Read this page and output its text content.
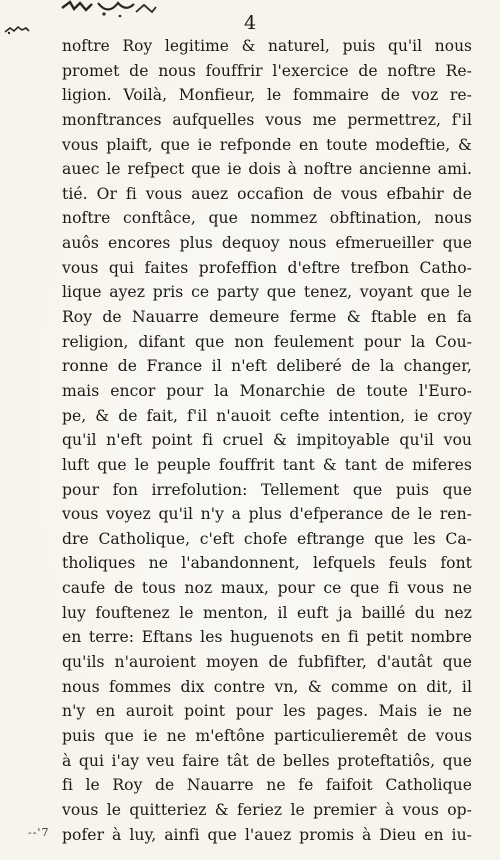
4
noftre Roy legitime & naturel, puis qu'il nous
promet de nous fouffrir l'exercice de noftre Re-
ligion. Voilà, Monfieur, le fommaire de voz re-
monftrances aufquelles vous me permettrez, f'il
vous plaift, que ie refponde en toute modeftie, &
auec le refpect que ie dois à noftre ancienne ami.
tié. Or fi vous auez occafion de vous efbahir de
noftre conftâce, que nommez obftination, nous
auôs encores plus dequoy nous efmerueiller que
vous qui faites profeffion d'eftre trefbon Catho-
lique ayez pris ce party que tenez, voyant que le
Roy de Nauarre demeure ferme & ftable en fa
religion, difant que non feulement pour la Cou-
ronne de France il n'eft deliberé de la changer,
mais encor pour la Monarchie de toute l'Euro-
pe, & de fait, f'il n'auoit cefte intention, ie croy
qu'il n'eft point fi cruel & impitoyable qu'il vou
luft que le peuple fouffrit tant & tant de miferes
pour fon irrefolution: Tellement que puis que
vous voyez qu'il n'y a plus d'efperance de le ren-
dre Catholique, c'eft chofe eftrange que les Ca-
tholiques ne l'abandonnent, lefquels feuls font
caufe de tous noz maux, pour ce que fi vous ne
luy fouftenez le menton, il euft ja baillé du nez
en terre: Eftans les huguenots en fi petit nombre
qu'ils n'auroient moyen de fubfifter, d'autât que
nous fommes dix contre vn, & comme on dit, il
n'y en auroit point pour les pages. Mais ie ne
puis que ie ne m'eftône particulieremêt de vous
à qui i'ay veu faire tât de belles proteftatiôs, que
fi le Roy de Nauarre ne fe faifoit Catholique
vous le quitteriez & feriez le premier à vous op-
pofer à luy, ainfi que l'auez promis à Dieu en iu-
--'7
